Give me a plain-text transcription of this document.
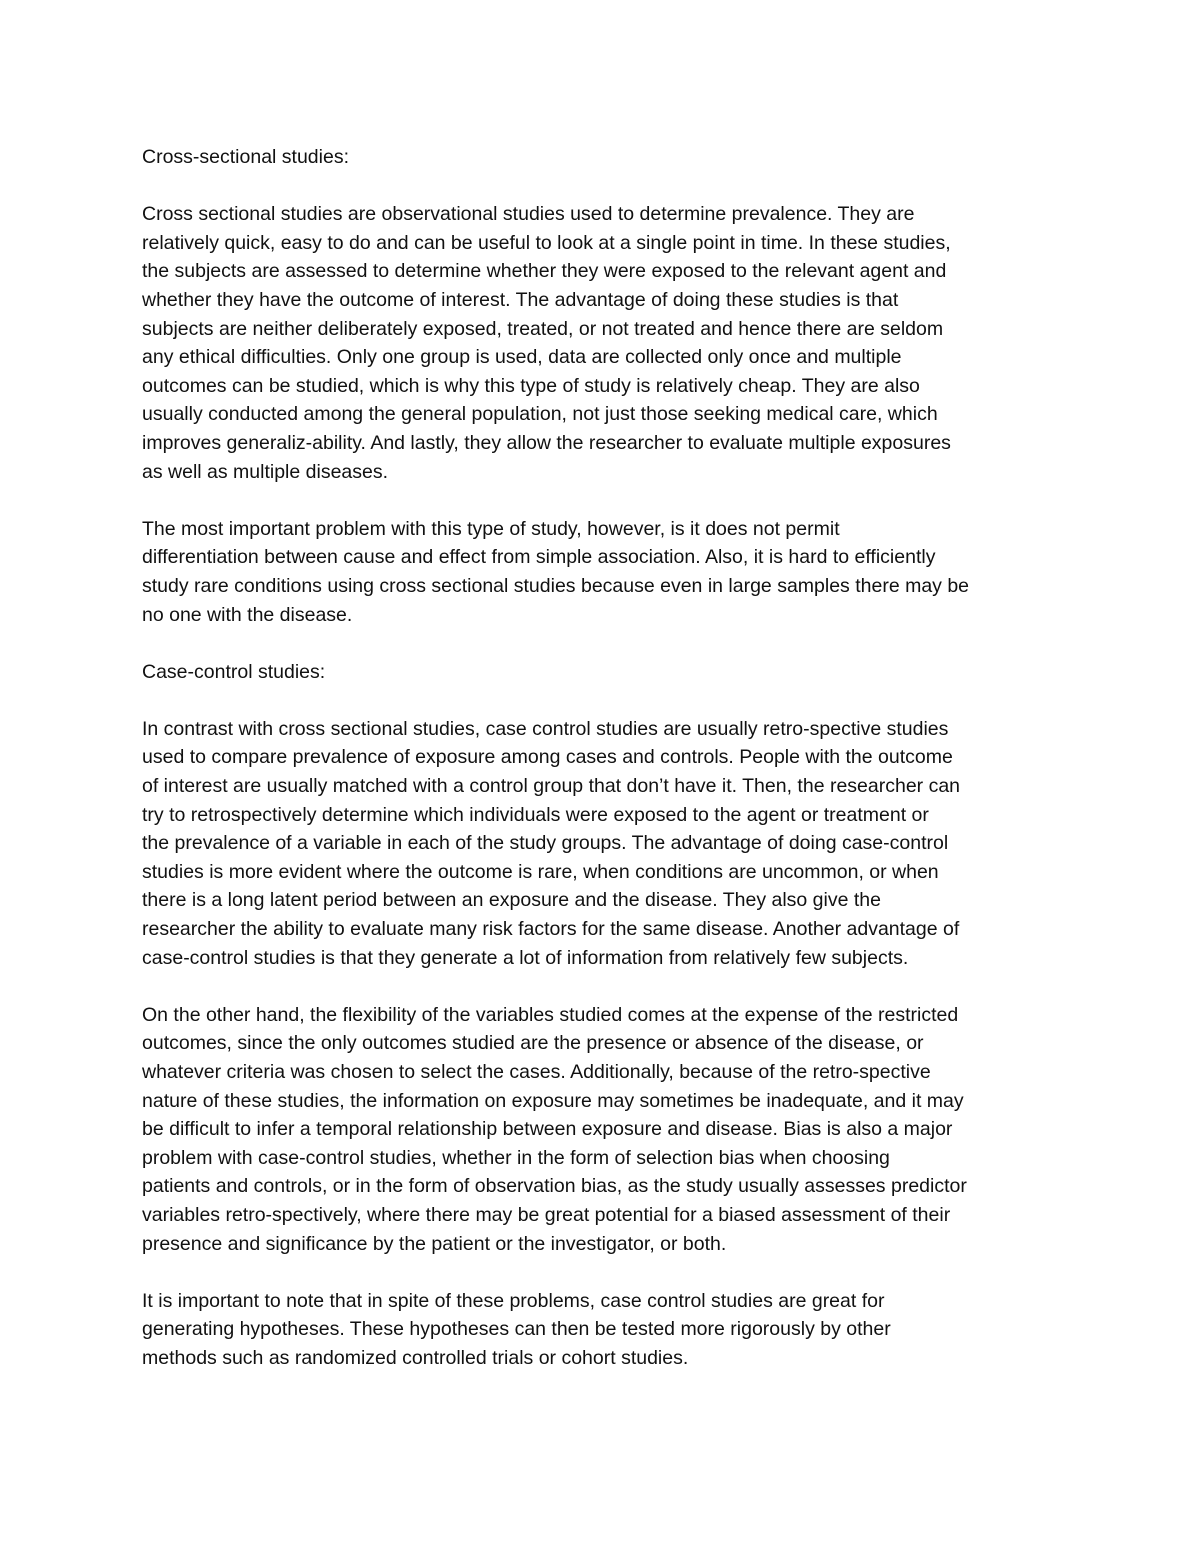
Cross-sectional studies:

Cross sectional studies are observational studies used to determine prevalence. They are
relatively quick, easy to do and can be useful to look at a single point in time. In these studies,
the subjects are assessed to determine whether they were exposed to the relevant agent and
whether they have the outcome of interest. The advantage of doing these studies is that
subjects are neither deliberately exposed, treated, or not treated and hence there are seldom
any ethical difficulties. Only one group is used, data are collected only once and multiple
outcomes can be studied, which is why this type of study is relatively cheap. They are also
usually conducted among the general population, not just those seeking medical care, which
improves generaliz-ability. And lastly, they allow the researcher to evaluate multiple exposures
as well as multiple diseases.

The most important problem with this type of study, however, is it does not permit
differentiation between cause and effect from simple association. Also, it is hard to efficiently
study rare conditions using cross sectional studies because even in large samples there may be
no one with the disease.

Case-control studies:

In contrast with cross sectional studies, case control studies are usually retro-spective studies
used to compare prevalence of exposure among cases and controls. People with the outcome
of interest are usually matched with a control group that don’t have it. Then, the researcher can
try to retrospectively determine which individuals were exposed to the agent or treatment or
the prevalence of a variable in each of the study groups. The advantage of doing case-control
studies is more evident where the outcome is rare, when conditions are uncommon, or when
there is a long latent period between an exposure and the disease. They also give the
researcher the ability to evaluate many risk factors for the same disease. Another advantage of
case-control studies is that they generate a lot of information from relatively few subjects.

On the other hand, the flexibility of the variables studied comes at the expense of the restricted
outcomes, since the only outcomes studied are the presence or absence of the disease, or
whatever criteria was chosen to select the cases. Additionally, because of the retro-spective
nature of these studies, the information on exposure may sometimes be inadequate, and it may
be difficult to infer a temporal relationship between exposure and disease. Bias is also a major
problem with case-control studies, whether in the form of selection bias when choosing
patients and controls, or in the form of observation bias, as the study usually assesses predictor
variables retro-spectively, where there may be great potential for a biased assessment of their
presence and significance by the patient or the investigator, or both.

It is important to note that in spite of these problems, case control studies are great for
generating hypotheses. These hypotheses can then be tested more rigorously by other
methods such as randomized controlled trials or cohort studies.
